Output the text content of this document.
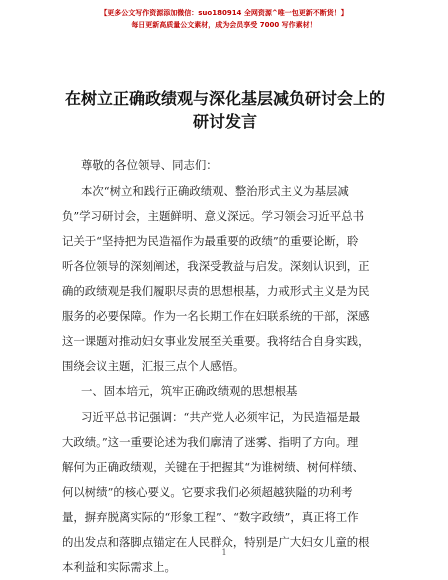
【更多公文写作资源添加微信：suo180914 全网资源^唯一包更新不断货！】
每日更新高质量公文素材，成为会员享受 7000 写作素材！
在树立正确政绩观与深化基层减负研讨会上的
研讨发言
尊敬的各位领导、同志们：
本次“树立和践行正确政绩观、整治形式主义为基层减
负”学习研讨会，主题鲜明、意义深远。学习领会习近平总书
记关于“坚持把为民造福作为最重要的政绩”的重要论断，聆
听各位领导的深刻阐述，我深受教益与启发。深刻认识到，正
确的政绩观是我们履职尽责的思想根基，力戒形式主义是为民
服务的必要保障。作为一名长期工作在妇联系统的干部，深感
这一课题对推动妇女事业发展至关重要。我将结合自身实践，
围绕会议主题，汇报三点个人感悟。
一、固本培元，筑牢正确政绩观的思想根基
习近平总书记强调：“共产党人必须牢记，为民造福是最
大政绩。”这一重要论述为我们廓清了迷雾、指明了方向。理
解何为正确政绩观，关键在于把握其“为谁树绩、树何样绩、
何以树绩”的核心要义。它要求我们必须超越狭隘的功利考
量，摒弃脱离实际的“形象工程”、“数字政绩”，真正将工作
的出发点和落脚点锚定在人民群众，特别是广大妇女儿童的根
本利益和实际需求上。
1
